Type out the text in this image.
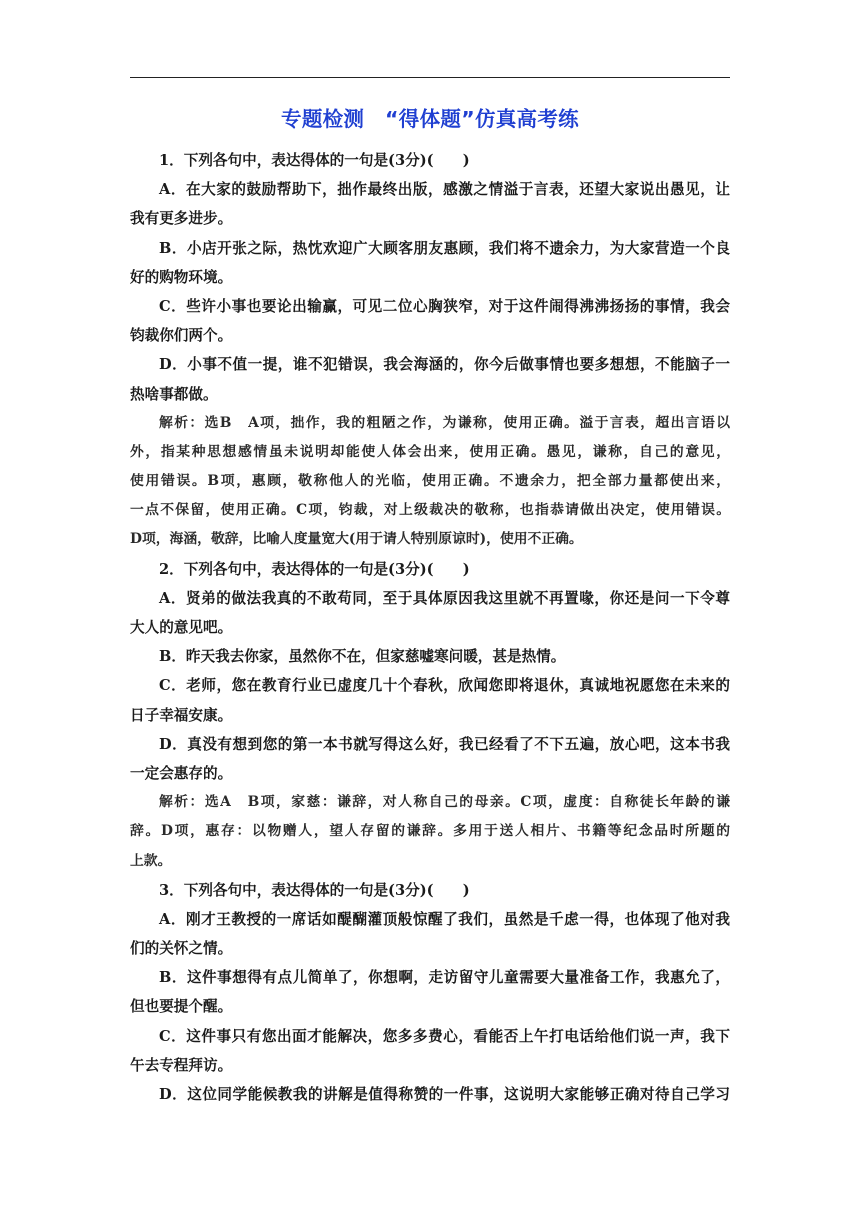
专题检测　“得体题”仿真高考练
1．下列各句中，表达得体的一句是(3分)(　　)
A．在大家的鼓励帮助下，拙作最终出版，感激之情溢于言表，还望大家说出愚见，让
我有更多进步。
B．小店开张之际，热忱欢迎广大顾客朋友惠顾，我们将不遗余力，为大家营造一个良
好的购物环境。
C．些许小事也要论出输赢，可见二位心胸狭窄，对于这件闹得沸沸扬扬的事情，我会
钧裁你们两个。
D．小事不值一提，谁不犯错误，我会海涵的，你今后做事情也要多想想，不能脑子一
热啥事都做。
解析：选B　A项，拙作，我的粗陋之作，为谦称，使用正确。溢于言表，超出言语以
外，指某种思想感情虽未说明却能使人体会出来，使用正确。愚见，谦称，自己的意见，
使用错误。B项，惠顾，敬称他人的光临，使用正确。不遗余力，把全部力量都使出来，
一点不保留，使用正确。C项，钧裁，对上级裁决的敬称，也指恭请做出决定，使用错误。
D项，海涵，敬辞，比喻人度量宽大(用于请人特别原谅时)，使用不正确。
2．下列各句中，表达得体的一句是(3分)(　　)
A．贤弟的做法我真的不敢苟同，至于具体原因我这里就不再置喙，你还是问一下令尊
大人的意见吧。
B．昨天我去你家，虽然你不在，但家慈嘘寒问暖，甚是热情。
C．老师，您在教育行业已虚度几十个春秋，欣闻您即将退休，真诚地祝愿您在未来的
日子幸福安康。
D．真没有想到您的第一本书就写得这么好，我已经看了不下五遍，放心吧，这本书我
一定会惠存的。
解析：选A　B项，家慈：谦辞，对人称自己的母亲。C项，虚度：自称徒长年龄的谦
辞。D项，惠存：以物赠人，望人存留的谦辞。多用于送人相片、书籍等纪念品时所题的
上款。
3．下列各句中，表达得体的一句是(3分)(　　)
A．刚才王教授的一席话如醍醐灌顶般惊醒了我们，虽然是千虑一得，也体现了他对我
们的关怀之情。
B．这件事想得有点儿简单了，你想啊，走访留守儿童需要大量准备工作，我惠允了，
但也要提个醒。
C．这件事只有您出面才能解决，您多多费心，看能否上午打电话给他们说一声，我下
午去专程拜访。
D．这位同学能候教我的讲解是值得称赞的一件事，这说明大家能够正确对待自己学习
